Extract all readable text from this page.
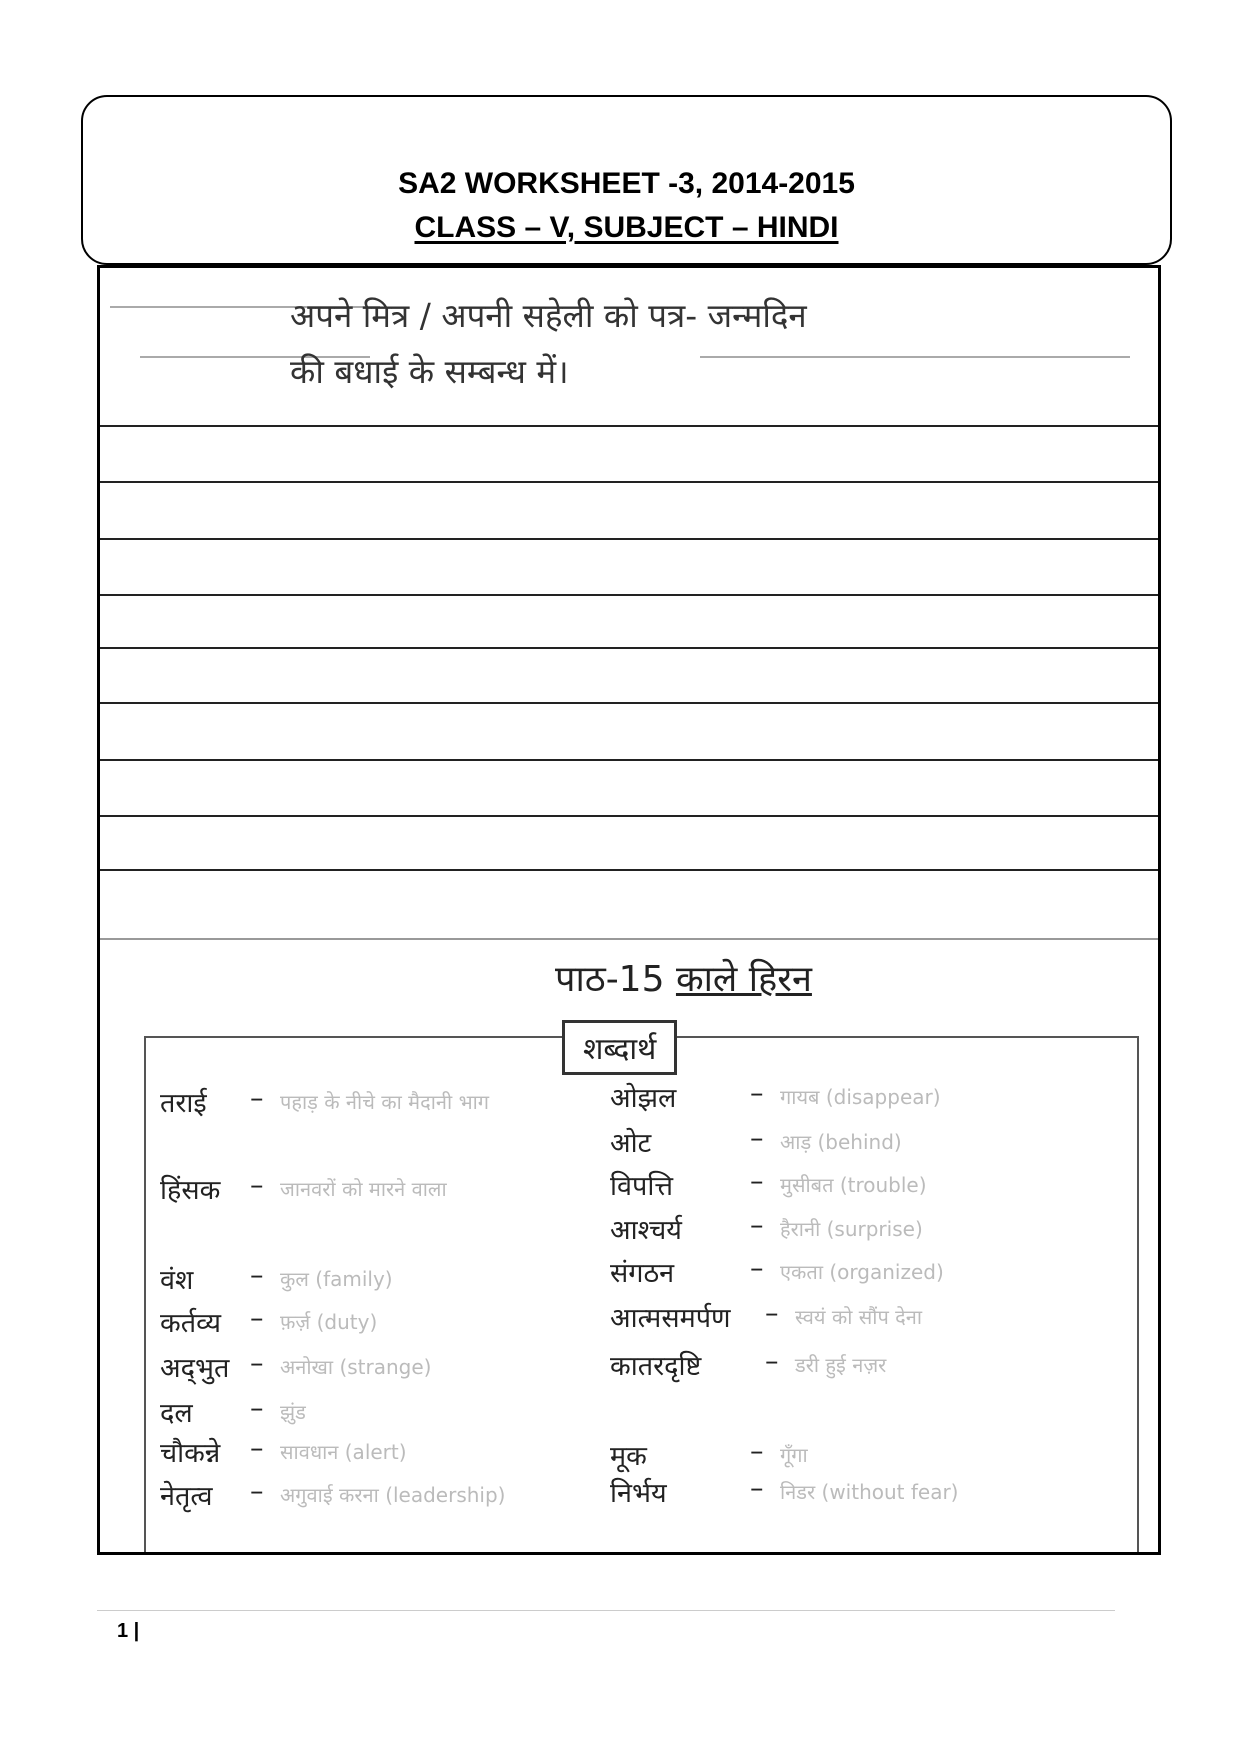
SA2 WORKSHEET -3, 2014-2015
CLASS – V, SUBJECT – HINDI
अपने मित्र / अपनी सहेली को पत्र- जन्मदिन
की बधाई के सम्बन्ध में।
पाठ-15 काले हिरन
शब्दार्थ
तराई – पहाड़ के नीचे का मैदानी भाग
हिंसक – जानवरों को मारने वाला
वंश – कुल (family)
कर्तव्य – फ़र्ज़ (duty)
अद्‌भुत – अनोखा (strange)
दल – झुंड
चौकन्ने – सावधान (alert)
नेतृत्व – अगुवाई करना (leadership)
ओझल	– गायब (disappear)
ओट	– आड़ (behind)
विपत्ति	– मुसीबत (trouble)
आश्चर्य	– हैरानी (surprise)
संगठन	– एकता (organized)
आत्मसमर्पण – स्वयं को सौंप देना
कातरदृष्टि – डरी हुई नज़र
मूक	– गूँगा
निर्भय	– निडर (without fear)
1 |
